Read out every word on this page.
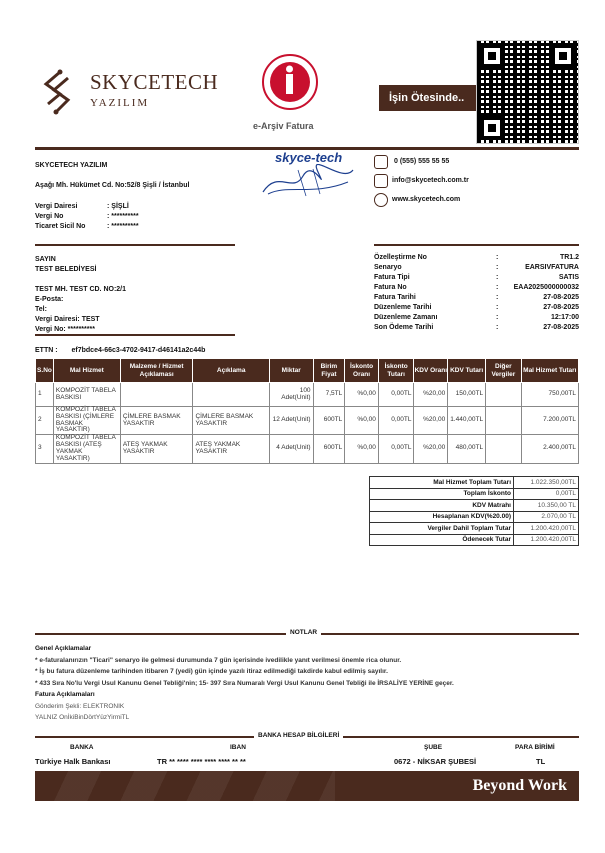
SKYCETECH
YAZILIM
e-Arşiv Fatura
İşin Ötesinde..
SKYCETECH YAZILIM
Aşağı Mh. Hükümet Cd. No:52/8 Şişli / İstanbul
Vergi Dairesi	: ŞİŞLİ
Vergi No	: **********
Ticaret Sicil No	: **********
skyce-tech	0 (555) 555 55 55
info@skycetech.com.tr
www.skycetech.com
SAYIN
TEST BELEDİYESİ
TEST MH. TEST CD. NO:2/1
E-Posta:
Tel:
Vergi Dairesi: TEST
Vergi No: **********
Özelleştirme No	:	TR1.2
Senaryo	:	EARSIVFATURA
Fatura Tipi	:	SATIS
Fatura No	:	EAA2025000000032
Fatura Tarihi	:	27-08-2025
Düzenleme Tarihi	:	27-08-2025
Düzenleme Zamanı	:	12:17:00
Son Ödeme Tarihi	:	27-08-2025
ETTN : ef7bdce4-66c3-4702-9417-d46141a2c44b
S.No	Mal Hizmet	Malzeme / Hizmet Açıklaması	Açıklama	Miktar	Birim Fiyat	İskonto Oranı	İskonto Tutarı	KDV Oranı	KDV Tutarı	Diğer Vergiler	Mal Hizmet Tutarı
1	KOMPOZİT TABELA BASKISI			100 Adet(Unit)	7,5TL	%0,00	0,00TL	%20,00	150,00TL		750,00TL
2	KOMPOZİT TABELA BASKISI (ÇİMLERE BASMAK YASAKTIR)	ÇİMLERE BASMAK YASAKTIR	ÇİMLERE BASMAK YASAKTIR	12 Adet(Unit)	600TL	%0,00	0,00TL	%20,00	1.440,00TL		7.200,00TL
3	KOMPOZİT TABELA BASKISI (ATEŞ YAKMAK YASAKTIR)	ATEŞ YAKMAK YASAKTIR	ATEŞ YAKMAK YASAKTIR	4 Adet(Unit)	600TL	%0,00	0,00TL	%20,00	480,00TL		2.400,00TL
Mal Hizmet Toplam Tutarı	1.022.350,00TL
Toplam İskonto	0,00TL
KDV Matrahı	10.350,00 TL
Hesaplanan KDV(%20.00)	2.070,00 TL
Vergiler Dahil Toplam Tutar	1.200.420,00TL
Ödenecek Tutar	1.200.420,00TL
NOTLAR
Genel Açıklamalar
* e-faturalanırızın "Ticari" senaryo ile gelmesi durumunda 7 gün içerisinde ivedilikle yanıt verilmesi önemle rica olunur.
* İş bu fatura düzenleme tarihinden itibaren 7 (yedi) gün içinde yazılı itiraz edilmediği takdirde kabul edilmiş sayılır.
* 433 Sıra No'lu Vergi Usul Kanunu Genel Tebliği'nin; 15- 397 Sıra Numaralı Vergi Usul Kanunu Genel Tebliği ile İRSALİYE YERİNE geçer.
Fatura Açıklamaları
Gönderim Şekli: ELEKTRONIK
YALNIZ OnİkiBinDörtYüzYirmiTL
BANKA HESAP BİLGİLERİ
BANKA	IBAN	ŞUBE	PARA BİRİMİ
Türkiye Halk Bankası	TR ** **** **** **** **** ** **	0672 - NİKSAR ŞUBESİ	TL
Beyond Work
